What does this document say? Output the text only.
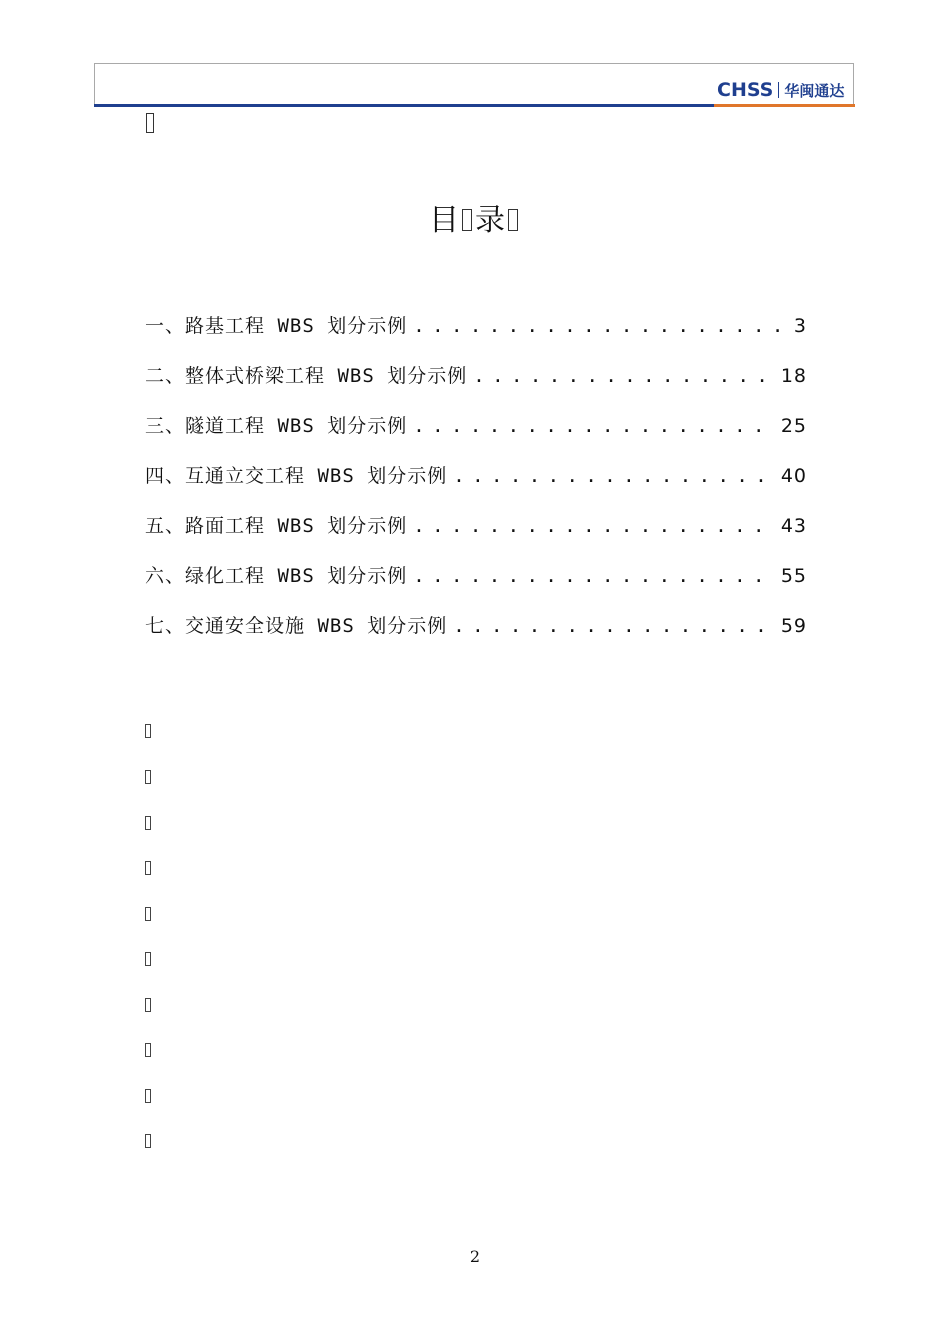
CHSS 华闽通达
目 录
一、路基工程 WBS 划分示例 . . .	3
二、整体式桥梁工程 WBS 划分示例 . . .	18
三、隧道工程 WBS 划分示例 . . .	25
四、互通立交工程 WBS 划分示例 . . .	40
五、路面工程 WBS 划分示例 . . .	43
六、绿化工程 WBS 划分示例 . . .	55
七、交通安全设施 WBS 划分示例 . . .	59
2
